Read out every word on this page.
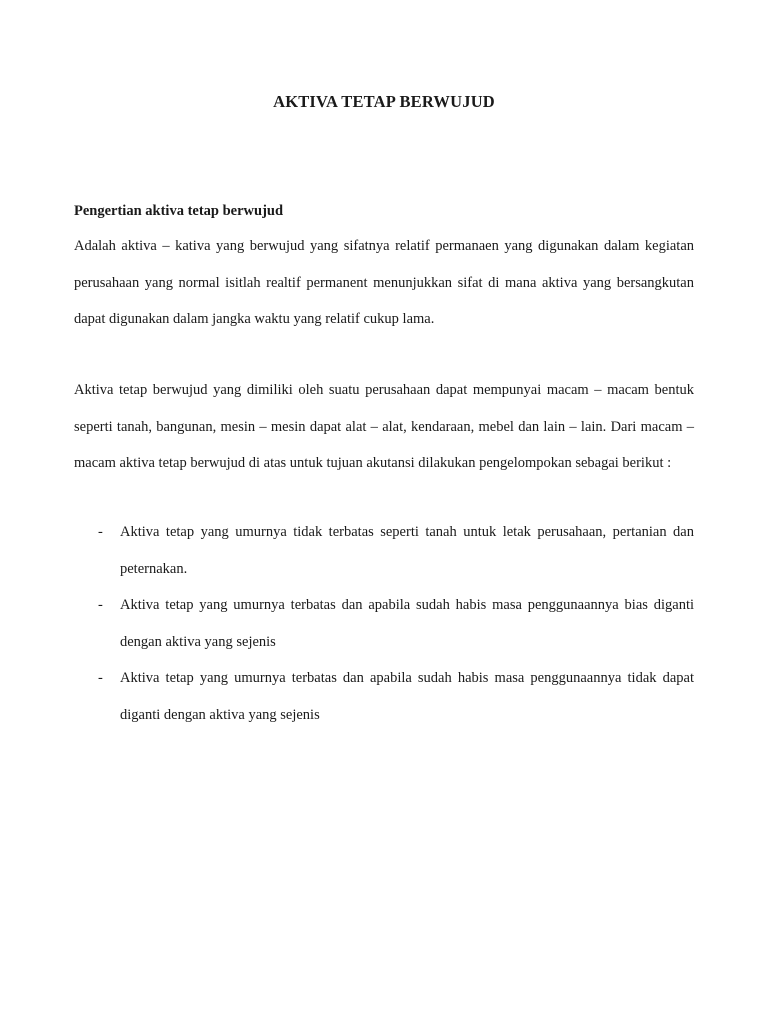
AKTIVA TETAP BERWUJUD
Pengertian aktiva tetap berwujud
Adalah aktiva – kativa yang berwujud yang sifatnya relatif permanaen yang digunakan dalam kegiatan perusahaan yang normal isitlah realtif permanent menunjukkan sifat di mana aktiva yang bersangkutan dapat digunakan dalam jangka waktu yang relatif cukup lama.
Aktiva tetap berwujud yang dimiliki oleh suatu perusahaan dapat mempunyai macam – macam bentuk seperti tanah, bangunan, mesin – mesin dapat alat – alat, kendaraan, mebel dan lain – lain. Dari macam – macam aktiva tetap berwujud di atas untuk tujuan akutansi dilakukan pengelompokan sebagai berikut :
- Aktiva tetap yang umurnya tidak terbatas seperti tanah untuk letak perusahaan, pertanian dan peternakan.
- Aktiva tetap yang umurnya terbatas dan apabila sudah habis masa penggunaannya bias diganti dengan aktiva yang sejenis
- Aktiva tetap yang umurnya terbatas dan apabila sudah habis masa penggunaannya tidak dapat diganti dengan aktiva yang sejenis
